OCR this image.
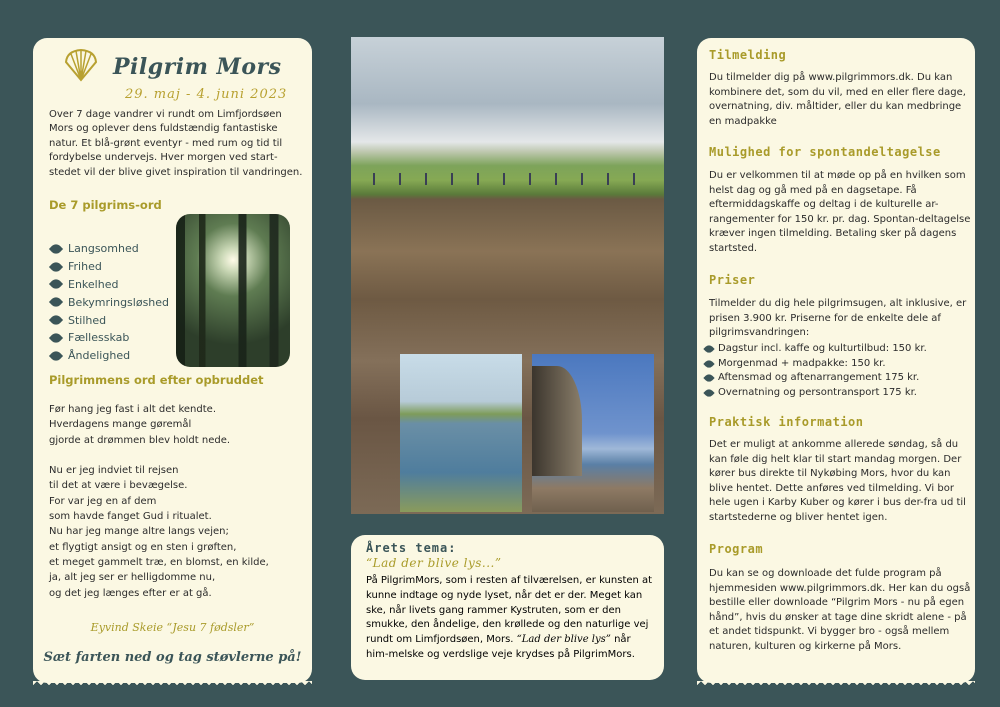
Pilgrim Mors
29. maj - 4. juni 2023
Over 7 dage vandrer vi rundt om Limfjordsøen Mors og oplever dens fuldstændig fantastiske natur. Et blå-grønt eventyr - med rum og tid til fordybelse undervejs. Hver morgen ved start-stedet vil der blive givet inspiration til vandringen.
De 7 pilgrims-ord
Langsomhed
Frihed
Enkelhed
Bekymringsløshed
Stilhed
Fællesskab
Åndelighed
Pilgrimmens ord efter opbruddet
Før hang jeg fast i alt det kendte.
Hverdagens mange gøremål
gjorde at drømmen blev holdt nede.
Nu er jeg indviet til rejsen
til det at være i bevægelse.
For var jeg en af dem
som havde fanget Gud i ritualet.
Nu har jeg mange altre langs vejen;
et flygtigt ansigt og en sten i grøften,
et meget gammelt træ, en blomst, en kilde,
ja, alt jeg ser er helligdomme nu,
og det jeg længes efter er at gå.
Eyvind Skeie “Jesu 7 fødsler”
Sæt farten ned og tag støvlerne på!
Årets tema:
“Lad der blive lys...”
På PilgrimMors, som i resten af tilværelsen, er kunsten at kunne indtage og nyde lyset, når det er der. Meget kan ske, når livets gang rammer Kystruten, som er den smukke, den åndelige, den krøllede og den naturlige vej rundt om Limfjordsøen, Mors. “Lad der blive lys” når him-melske og verdslige veje krydses på PilgrimMors.
Tilmelding
Du tilmelder dig på www.pilgrimmors.dk. Du kan kombinere det, som du vil, med en eller flere dage, overnatning, div. måltider, eller du kan medbringe en madpakke
Mulighed for spontandeltagelse
Du er velkommen til at møde op på en hvilken som helst dag og gå med på en dagsetape. Få eftermiddagskaffe og deltag i de kulturelle ar-rangementer for 150 kr. pr. dag. Spontan-deltagelse kræver ingen tilmelding. Betaling sker på dagens startsted.
Priser
Tilmelder du dig hele pilgrimsugen, alt inklusive, er prisen 3.900 kr. Priserne for de enkelte dele af pilgrimsvandringen:
Dagstur incl. kaffe og kulturtilbud: 150 kr.
Morgenmad + madpakke: 150 kr.
Aftensmad og aftenarrangement 175 kr.
Overnatning og persontransport 175 kr.
Praktisk information
Det er muligt at ankomme allerede søndag, så du kan føle dig helt klar til start mandag morgen. Der kører bus direkte til Nykøbing Mors, hvor du kan blive hentet. Dette anføres ved tilmelding. Vi bor hele ugen i Karby Kuber og kører i bus der-fra ud til startstederne og bliver hentet igen.
Program
Du kan se og downloade det fulde program på hjemmesiden www.pilgrimmors.dk. Her kan du også bestille eller downloade “Pilgrim Mors - nu på egen hånd”, hvis du ønsker at tage dine skridt alene - på et andet tidspunkt. Vi bygger bro - også mellem naturen, kulturen og kirkerne på Mors.
